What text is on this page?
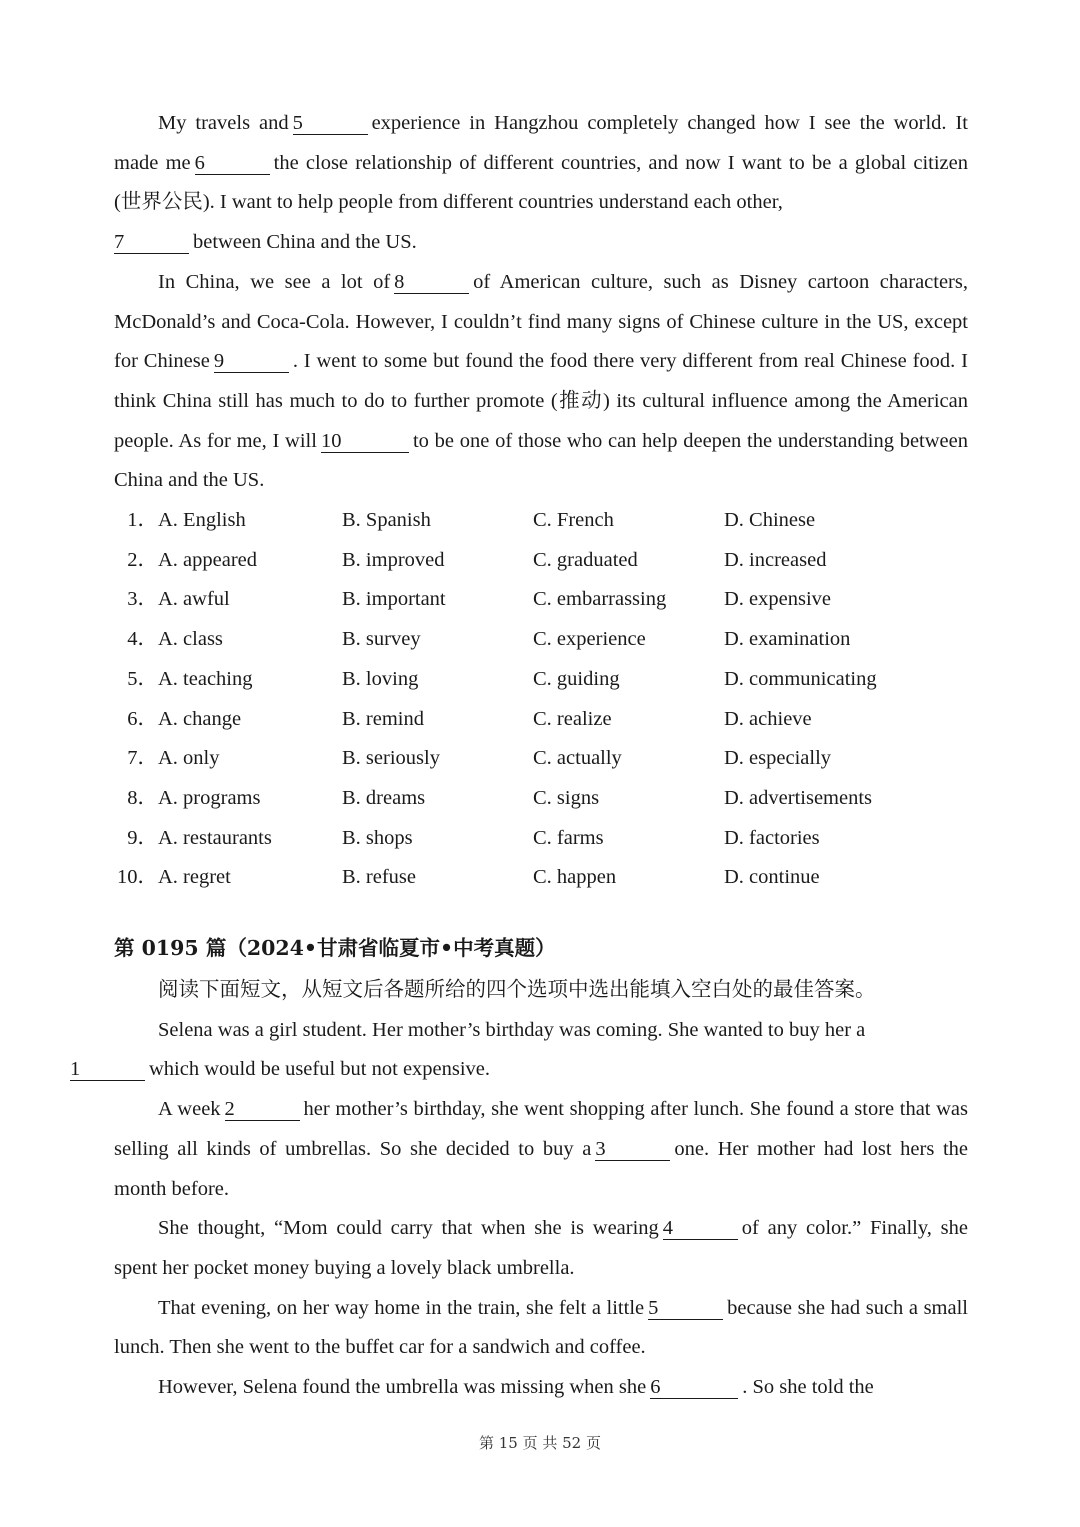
My travels and 5	experience in Hangzhou completely changed how I see the world. It made me 6	the close relationship of different countries, and now I want to be a global citizen (世界公民). I want to help people from different countries understand each other,
7	between China and the US.

In China, we see a lot of 8	of American culture, such as Disney cartoon characters, McDonald’s and Coca-Cola. However, I couldn’t find many signs of Chinese culture in the US, except for Chinese 9	. I went to some but found the food there very different from real Chinese food. I think China still has much to do to further promote (推动) its cultural influence among the American people. As for me, I will 10	to be one of those who can help deepen the understanding between China and the US.

1． A. English	B. Spanish	C. French	D. Chinese
2． A. appeared	B. improved	C. graduated	D. increased
3． A. awful	B. important	C. embarrassing	D. expensive
4． A. class	B. survey	C. experience	D. examination
5． A. teaching	B. loving	C. guiding	D. communicating
6． A. change	B. remind	C. realize	D. achieve
7． A. only	B. seriously	C. actually	D. especially
8． A. programs	B. dreams	C. signs	D. advertisements
9． A. restaurants	B. shops	C. farms	D. factories
10． A. regret	B. refuse	C. happen	D. continue
第 0195 篇（2024•甘肃省临夏市•中考真题）

阅读下面短文，从短文后各题所给的四个选项中选出能填入空白处的最佳答案。

Selena was a girl student. Her mother’s birthday was coming. She wanted to buy her a
1	which would be useful but not expensive.

A week 2	her mother’s birthday, she went shopping after lunch. She found a store that was selling all kinds of umbrellas. So she decided to buy a 3	one. Her mother had lost hers the month before.

She thought, “Mom could carry that when she is wearing 4	of any color.” Finally, she spent her pocket money buying a lovely black umbrella.

That evening, on her way home in the train, she felt a little 5	because she had such a small lunch. Then she went to the buffet car for a sandwich and coffee.

However, Selena found the umbrella was missing when she 6	. So she told the

第 15 页 共 52 页
